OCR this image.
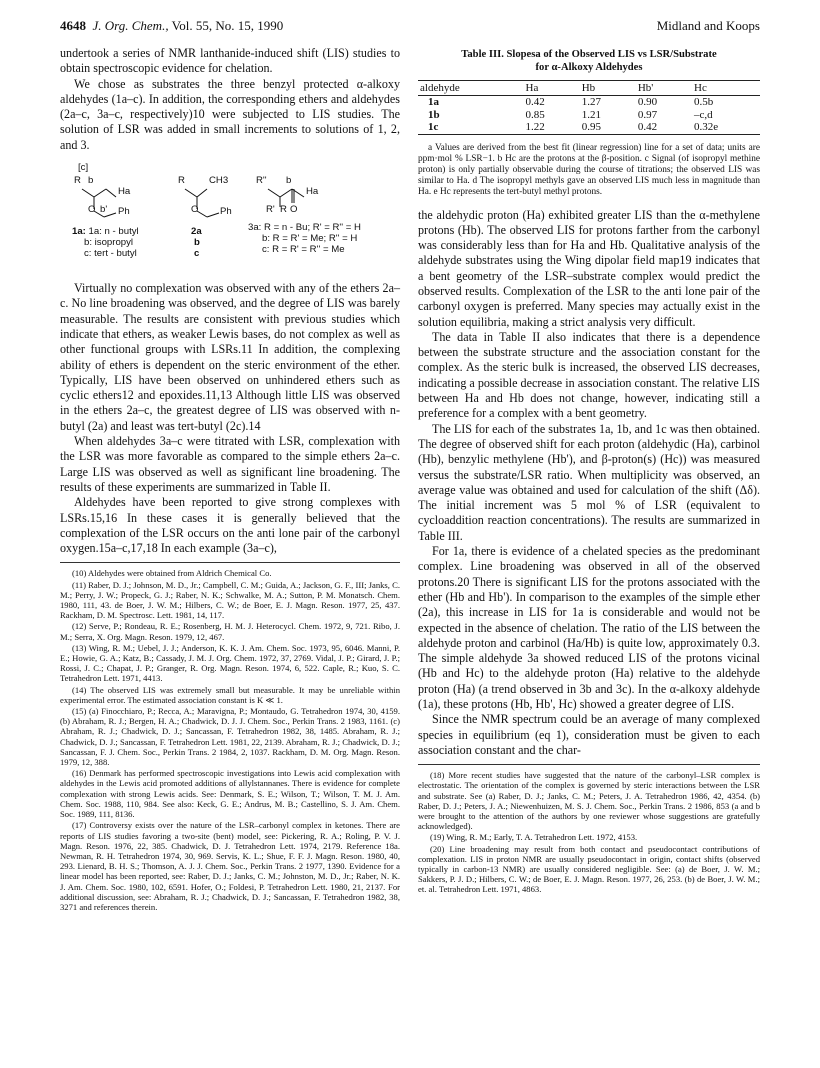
4648 J. Org. Chem., Vol. 55, No. 15, 1990	Midland and Koops

undertook a series of NMR lanthanide-induced shift (LIS) studies to obtain spectroscopic evidence for chelation.

We chose as substrates the three benzyl protected α-alkoxy aldehydes (1a–c). In addition, the corresponding ethers and aldehydes (2a–c, 3a–c, respectively)10 were subjected to LIS studies. The solution of LSR was added in small increments to solutions of 1, 2, and 3.

[c]
R b
Ha
O b' Ph
1a: 1a: n - butyl
b: isopropyl
c: tert - butyl
R	CH3
O Ph
2a
b
c
R'' b
Ha
R' R O
3a: R = n - Bu; R' = R'' = H
b: R = R' = Me; R'' = H
c: R = R' = R'' = Me

Virtually no complexation was observed with any of the ethers 2a–c. No line broadening was observed, and the degree of LIS was barely measurable. The results are consistent with previous studies which indicate that ethers, as weaker Lewis bases, do not complex as well as other functional groups with LSRs.11 In addition, the complexing ability of ethers is dependent on the steric environment of the ether. Typically, LIS have been observed on unhindered ethers such as cyclic ethers12 and epoxides.11,13 Although little LIS was observed in the ethers 2a–c, the greatest degree of LIS was observed with n-butyl (2a) and least was tert-butyl (2c).14

When aldehydes 3a–c were titrated with LSR, complexation with the LSR was more favorable as compared to the simple ethers 2a–c. Large LIS was observed as well as significant line broadening. The results of these experiments are summarized in Table II.

Aldehydes have been reported to give strong complexes with LSRs.15,16 In these cases it is generally believed that the complexation of the LSR occurs on the anti lone pair of the carbonyl oxygen.15a–c,17,18 In each example (3a–c),

(10) Aldehydes were obtained from Aldrich Chemical Co.

(11) Raber, D. J.; Johnson, M. D., Jr.; Campbell, C. M.; Guida, A.; Jackson, G. F., III; Janks, C. M.; Perry, J. W.; Propeck, G. J.; Raber, N. K.; Schwalke, M. A.; Sutton, P. M. Monatsch. Chem. 1980, 111, 43. de Boer, J. W. M.; Hilbers, C. W.; de Boer, E. J. Magn. Reson. 1977, 25, 437. Rackham, D. M. Spectrosc. Lett. 1981, 14, 117.

(12) Serve, P.; Rondeau, R. E.; Rosenberg, H. M. J. Heterocycl. Chem. 1972, 9, 721. Ribo, J. M.; Serra, X. Org. Magn. Reson. 1979, 12, 467.

(13) Wing, R. M.; Uebel, J. J.; Anderson, K. K. J. Am. Chem. Soc. 1973, 95, 6046. Manni, P. E.; Howie, G. A.; Katz, B.; Cassady, J. M. J. Org. Chem. 1972, 37, 2769. Vidal, J. P.; Girard, J. P.; Rossi, J. C.; Chapat, J. P.; Granger, R. Org. Magn. Reson. 1974, 6, 522. Caple, R.; Kuo, S. C. Tetrahedron Lett. 1971, 4413.

(14) The observed LIS was extremely small but measurable. It may be unreliable within experimental error. The estimated association constant is K ≪ 1.

(15) (a) Finocchiaro, P.; Recca, A.; Maravigna, P.; Montaudo, G. Tetrahedron 1974, 30, 4159. (b) Abraham, R. J.; Bergen, H. A.; Chadwick, D. J. J. Chem. Soc., Perkin Trans. 2 1983, 1161. (c) Abraham, R. J.; Chadwick, D. J.; Sancassan, F. Tetrahedron 1982, 38, 1485. Abraham, R. J.; Chadwick, D. J.; Sancassan, F. Tetrahedron Lett. 1981, 22, 2139. Abraham, R. J.; Chadwick, D. J.; Sancassan, F. J. Chem. Soc., Perkin Trans. 2 1984, 2, 1037. Rackham, D. M. Org. Magn. Reson. 1979, 12, 388.

(16) Denmark has performed spectroscopic investigations into Lewis acid complexation with aldehydes in the Lewis acid promoted additions of allylstannanes. There is evidence for complete complexation with strong Lewis acids. See: Denmark, S. E.; Wilson, T.; Wilson, T. M. J. Am. Chem. Soc. 1988, 110, 984. See also: Keck, G. E.; Andrus, M. B.; Castellino, S. J. Am. Chem. Soc. 1989, 111, 8136.

(17) Controversy exists over the nature of the LSR–carbonyl complex in ketones. There are reports of LIS studies favoring a two-site (bent) model, see: Pickering, R. A.; Roling, P. V. J. Magn. Reson. 1976, 22, 385. Chadwick, D. J. Tetrahedron Lett. 1974, 2179. Reference 18a. Newman, R. H. Tetrahedron 1974, 30, 969. Servis, K. L.; Shue, F. F. J. Magn. Reson. 1980, 40, 293. Lienard, B. H. S.; Thomson, A. J. J. Chem. Soc., Perkin Trans. 2 1977, 1390. Evidence for a linear model has been reported, see: Raber, D. J.; Janks, C. M.; Johnston, M. D., Jr.; Raber, N. K. J. Am. Chem. Soc. 1980, 102, 6591. Hofer, O.; Foldesi, P. Tetrahedron Lett. 1980, 21, 2137. For additional discussion, see: Abraham, R. J.; Chadwick, D. J.; Sancassan, F. Tetrahedron 1982, 38, 3271 and references therein.

Table III. Slopesa of the Observed LIS vs LSR/Substrate
for α-Alkoxy Aldehydes
aldehyde	Ha	Hb	Hb'	Hc
1a	0.42	1.27	0.90	0.5b
1b	0.85	1.21	0.97	–c,d
1c	1.22	0.95	0.42	0.32e
a Values are derived from the best fit (linear regression) line for a set of data; units are ppm·mol % LSR−1. b Hc are the protons at the β-position. c Signal (of isopropyl methine proton) is only partially observable during the course of titrations; the observed LIS was similar to Ha. d The isopropyl methyls gave an observed LIS much less in magnitude than Ha. e Hc represents the tert-butyl methyl protons.

the aldehydic proton (Ha) exhibited greater LIS than the α-methylene protons (Hb). The observed LIS for protons farther from the carbonyl was considerably less than for Ha and Hb. Qualitative analysis of the aldehyde substrates using the Wing dipolar field map19 indicates that a bent geometry of the LSR–substrate complex would predict the observed results. Complexation of the LSR to the anti lone pair of the carbonyl oxygen is preferred. Many species may actually exist in the solution equilibria, making a strict analysis very difficult.

The data in Table II also indicates that there is a dependence between the substrate structure and the association constant for the complex. As the steric bulk is increased, the observed LIS decreases, indicating a possible decrease in association constant. The relative LIS between Ha and Hb does not change, however, indicating still a preference for a complex with a bent geometry.

The LIS for each of the substrates 1a, 1b, and 1c was then obtained. The degree of observed shift for each proton (aldehydic (Ha), carbinol (Hb), benzylic methylene (Hb'), and β-proton(s) (Hc)) was measured versus the substrate/LSR ratio. When multiplicity was observed, an average value was obtained and used for calculation of the shift (Δδ). The initial increment was 5 mol % of LSR (equivalent to cycloaddition reaction concentrations). The results are summarized in Table III.

For 1a, there is evidence of a chelated species as the predominant complex. Line broadening was observed in all of the observed protons.20 There is significant LIS for the protons associated with the ether (Hb and Hb'). In comparison to the examples of the simple ether (2a), this increase in LIS for 1a is considerable and would not be expected in the absence of chelation. The ratio of the LIS between the aldehyde proton and carbinol (Ha/Hb) is quite low, approximately 0.3. The simple aldehyde 3a showed reduced LIS of the protons vicinal (Hb and Hc) to the aldehyde proton (Ha) relative to the aldehyde proton (Ha) (a trend observed in 3b and 3c). In the α-alkoxy aldehyde (1a), these protons (Hb, Hb', Hc) showed a greater degree of LIS.

Since the NMR spectrum could be an average of many complexed species in equilibrium (eq 1), consideration must be given to each association constant and the char-

(18) More recent studies have suggested that the nature of the carbonyl–LSR complex is electrostatic. The orientation of the complex is governed by steric interactions between the LSR and substrate. See (a) Raber, D. J.; Janks, C. M.; Peters, J. A. Tetrahedron 1986, 42, 4354. (b) Raber, D. J.; Peters, J. A.; Niewenhuizen, M. S. J. Chem. Soc., Perkin Trans. 2 1986, 853 (a and b were brought to the attention of the authors by one reviewer whose suggestions are gratefully acknowledged).

(19) Wing, R. M.; Early, T. A. Tetrahedron Lett. 1972, 4153.

(20) Line broadening may result from both contact and pseudocontact contributions of complexation. LIS in proton NMR are usually pseudocontact in origin, contact shifts (observed typically in carbon-13 NMR) are usually considered negligible. See: (a) de Boer, J. W. M.; Sakkers, P. J. D.; Hilbers, C. W.; de Boer, E. J. Magn. Reson. 1977, 26, 253. (b) de Boer, J. W. M.; et. al. Tetrahedron Lett. 1971, 4863.
